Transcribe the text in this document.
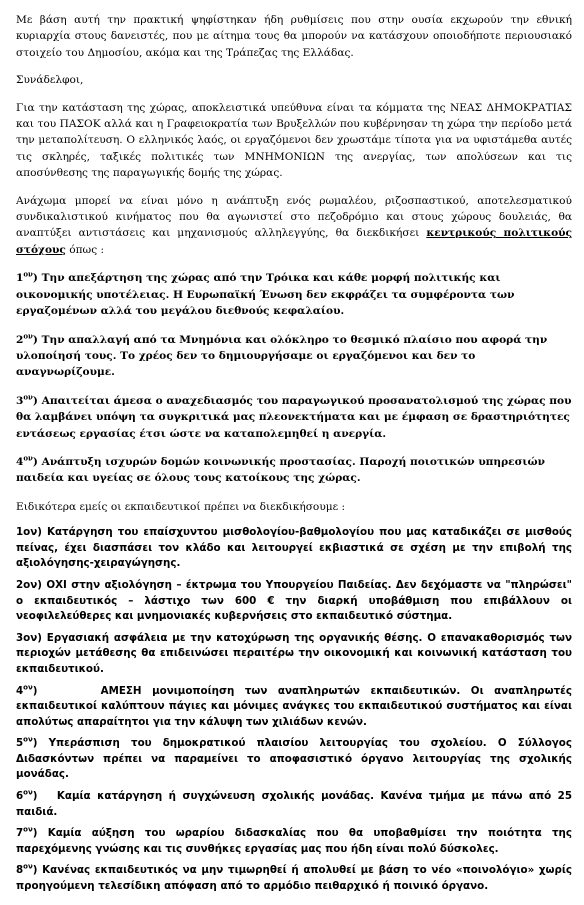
Με βάση αυτή την πρακτική ψηφίστηκαν ήδη ρυθμίσεις που στην ουσία εκχωρούν την εθνική κυριαρχία στους δανειστές, που με αίτημα τους θα μπορούν να κατάσχουν οποιοδήποτε περιουσιακό στοιχείο του Δημοσίου, ακόμα και της Τράπεζας της Ελλάδας.

Συνάδελφοι,

Για την κατάσταση της χώρας, αποκλειστικά υπεύθυνα είναι τα κόμματα της ΝΕΑΣ ΔΗΜΟΚΡΑΤΙΑΣ και του ΠΑΣΟΚ αλλά και η Γραφειοκρατία των Βρυξελλών που κυβέρνησαν τη χώρα την περίοδο μετά την μεταπολίτευση. Ο ελληνικός λαός, οι εργαζόμενοι δεν χρωστάμε τίποτα για να υφιστάμεθα αυτές τις σκληρές, ταξικές πολιτικές των ΜΝΗΜΟΝΙΩΝ της ανεργίας, των απολύσεων και τις αποσύνθεσης της παραγωγικής δομής της χώρας.

Ανάχωμα μπορεί να είναι μόνο η ανάπτυξη ενός ρωμαλέου, ριζοσπαστικού, αποτελεσματικού συνδικαλιστικού κινήματος που θα αγωνιστεί στο πεζοδρόμιο και στους χώρους δουλειάς, θα αναπτύξει αντιστάσεις και μηχανισμούς αλληλεγγύης, θα διεκδικήσει κεντρικούς πολιτικούς στόχους όπως :

$1^{o\nu}$) Την απεξάρτηση της χώρας από την Τρόικα και κάθε μορφή πολιτικής και οικονομικής υποτέλειας. Η Ευρωπαϊκή Ένωση δεν εκφράζει τα συμφέροντα των εργαζομένων αλλά του μεγάλου διεθνούς κεφαλαίου.

$2^{o\nu}$) Την απαλλαγή από τα Μνημόνια και ολόκληρο το θεσμικό πλαίσιο που αφορά την υλοποίησή τους. Το χρέος δεν το δημιουργήσαμε οι εργαζόμενοι και δεν το αναγνωρίζουμε.

$3^{o\nu}$) Απαιτείται άμεσα ο αναχεδιασμός του παραγωγικού προσανατολισμού της χώρας που θα λαμβάνει υπόψη τα συγκριτικά μας πλεονεκτήματα και με έμφαση σε δραστηριότητες εντάσεως εργασίας έτσι ώστε να καταπολεμηθεί η ανεργία.

$4^{o\nu}$) Ανάπτυξη ισχυρών δομών κοινωνικής προστασίας. Παροχή ποιοτικών υπηρεσιών παιδεία και υγείας σε όλους τους κατοίκους της χώρας.

Ειδικότερα εμείς οι εκπαιδευτικοί πρέπει να διεκδικήσουμε :

1ον) Κατάργηση του επαίσχυντου μισθολογίου-βαθμολογίου που μας καταδικάζει σε μισθούς πείνας, έχει διασπάσει τον κλάδο και λειτουργεί εκβιαστικά σε σχέση με την επιβολή της αξιολόγησης-χειραγώγησης.

2ον) ΟΧΙ στην αξιολόγηση – έκτρωμα του Υπουργείου Παιδείας. Δεν δεχόμαστε να "πληρώσει" ο εκπαιδευτικός – λάστιχο των 600 € την διαρκή υποβάθμιση που επιβάλλουν οι νεοφιλελεύθερες και μνημονιακές κυβερνήσεις στο εκπαιδευτικό σύστημα.

3ον) Εργασιακή ασφάλεια με την κατοχύρωση της οργανικής θέσης. Ο επανακαθορισμός των περιοχών μετάθεσης θα επιδεινώσει περαιτέρω την οικονομική και κοινωνική κατάσταση του εκπαιδευτικού.

$4^{o\nu}$)      ΑΜΕΣΗ μονιμοποίηση των αναπληρωτών εκπαιδευτικών. Οι αναπληρωτές εκπαιδευτικοί καλύπτουν πάγιες και μόνιμες ανάγκες του εκπαιδευτικού συστήματος και είναι απολύτως απαραίτητοι για την κάλυψη των χιλιάδων κενών.

$5^{o\nu}$) Υπεράσπιση του δημοκρατικού πλαισίου λειτουργίας του σχολείου. Ο Σύλλογος Διδασκόντων πρέπει να παραμείνει το αποφασιστικό όργανο λειτουργίας της σχολικής μονάδας.

$6^{o\nu}$)   Καμία κατάργηση ή συγχώνευση σχολικής μονάδας. Κανένα τμήμα με πάνω από 25 παιδιά.

$7^{o\nu}$) Καμία αύξηση του ωραρίου διδασκαλίας που θα υποβαθμίσει την ποιότητα της παρεχόμενης γνώσης και τις συνθήκες εργασίας μας που ήδη είναι πολύ δύσκολες.

$8^{o\nu}$) Κανένας εκπαιδευτικός να μην τιμωρηθεί ή απολυθεί με βάση το νέο «ποινολόγιο» χωρίς προηγούμενη τελεσίδικη απόφαση από το αρμόδιο πειθαρχικό ή ποινικό όργανο.
